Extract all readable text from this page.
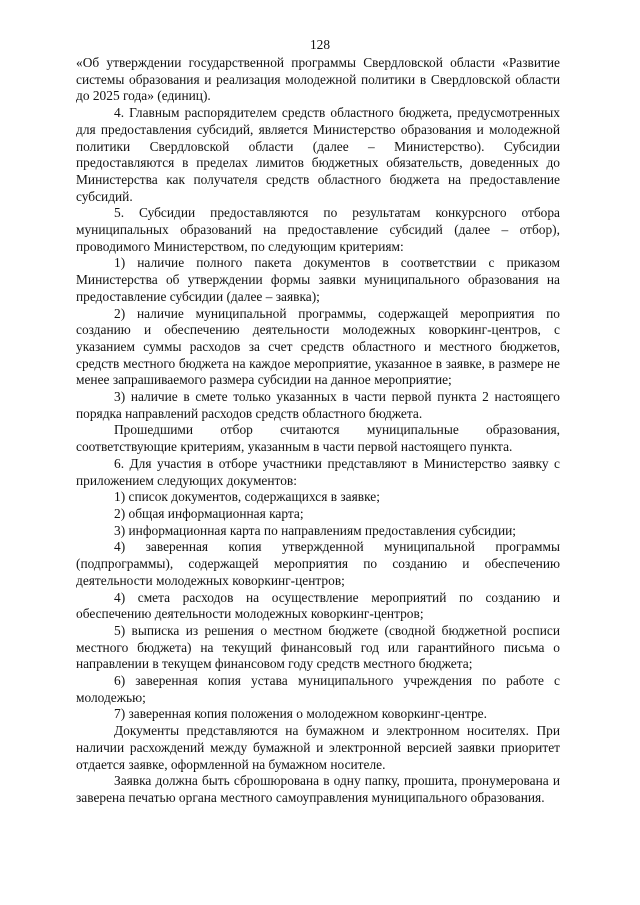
128

«Об утверждении государственной программы Свердловской области «Развитие системы образования и реализация молодежной политики в Свердловской области до 2025 года» (единиц).

4. Главным распорядителем средств областного бюджета, предусмотренных для предоставления субсидий, является Министерство образования и молодежной политики Свердловской области (далее – Министерство). Субсидии предоставляются в пределах лимитов бюджетных обязательств, доведенных до Министерства как получателя средств областного бюджета на предоставление субсидий.

5. Субсидии предоставляются по результатам конкурсного отбора муниципальных образований на предоставление субсидий (далее – отбор), проводимого Министерством, по следующим критериям:

1) наличие полного пакета документов в соответствии с приказом Министерства об утверждении формы заявки муниципального образования на предоставление субсидии (далее – заявка);

2) наличие муниципальной программы, содержащей мероприятия по созданию и обеспечению деятельности молодежных коворкинг-центров, с указанием суммы расходов за счет средств областного и местного бюджетов, средств местного бюджета на каждое мероприятие, указанное в заявке, в размере не менее запрашиваемого размера субсидии на данное мероприятие;

3) наличие в смете только указанных в части первой пункта 2 настоящего порядка направлений расходов средств областного бюджета.

Прошедшими отбор считаются муниципальные образования, соответствующие критериям, указанным в части первой настоящего пункта.

6. Для участия в отборе участники представляют в Министерство заявку с приложением следующих документов:

1) список документов, содержащихся в заявке;

2) общая информационная карта;

3) информационная карта по направлениям предоставления субсидии;

4) заверенная копия утвержденной муниципальной программы (подпрограммы), содержащей мероприятия по созданию и обеспечению деятельности молодежных коворкинг-центров;

4) смета расходов на осуществление мероприятий по созданию и обеспечению деятельности молодежных коворкинг-центров;

5) выписка из решения о местном бюджете (сводной бюджетной росписи местного бюджета) на текущий финансовый год или гарантийного письма о направлении в текущем финансовом году средств местного бюджета;

6) заверенная копия устава муниципального учреждения по работе с молодежью;

7) заверенная копия положения о молодежном коворкинг-центре.

Документы представляются на бумажном и электронном носителях. При наличии расхождений между бумажной и электронной версией заявки приоритет отдается заявке, оформленной на бумажном носителе.

Заявка должна быть сброшюрована в одну папку, прошита, пронумерована и заверена печатью органа местного самоуправления муниципального образования.
